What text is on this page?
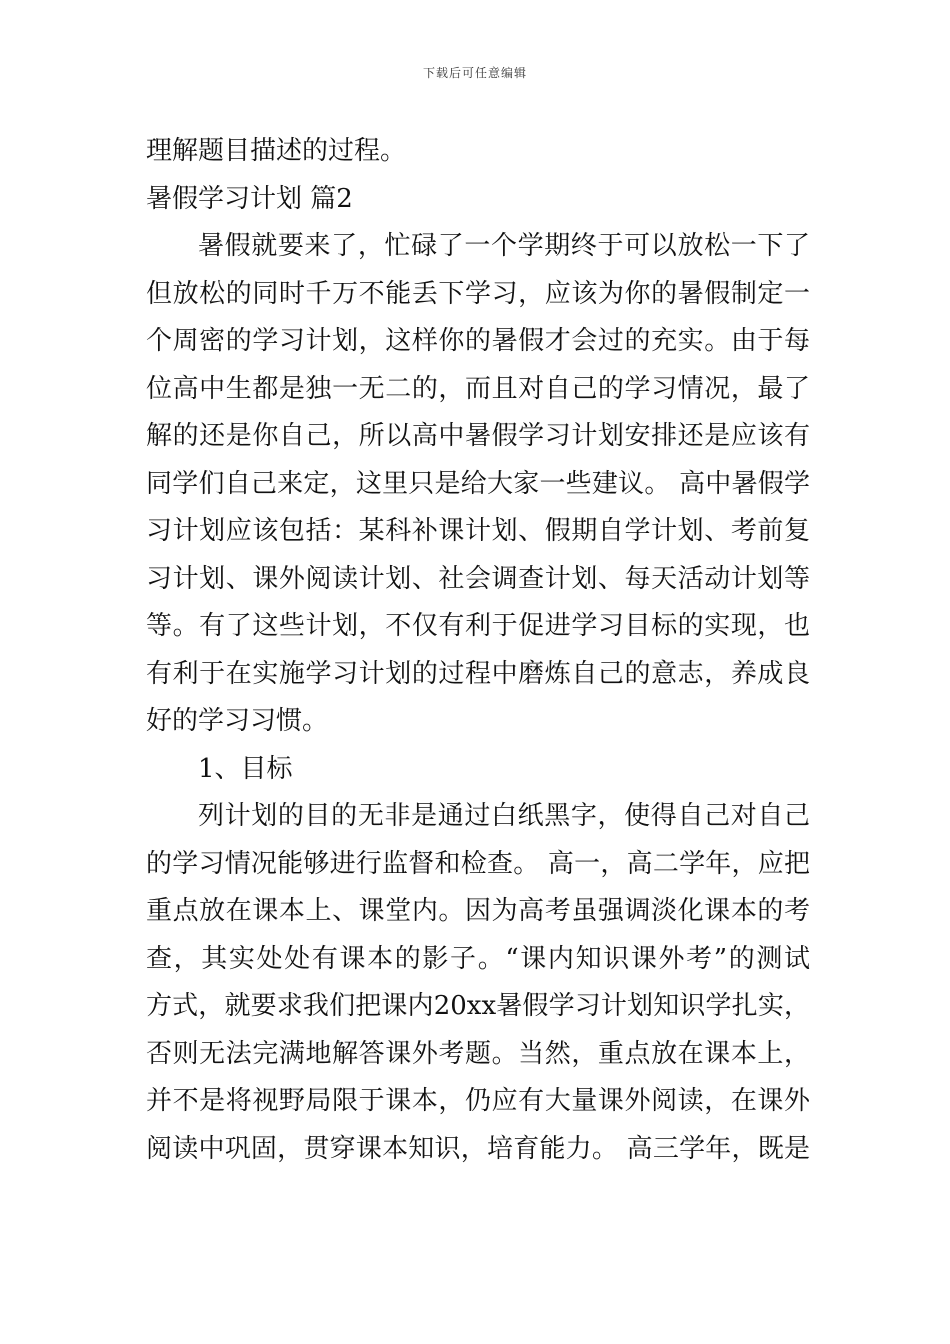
下载后可任意编辑
理解题目描述的过程。
暑假学习计划 篇2
暑假就要来了，忙碌了一个学期终于可以放松一下了
但放松的同时千万不能丢下学习，应该为你的暑假制定一
个周密的学习计划，这样你的暑假才会过的充实。由于每
位高中生都是独一无二的，而且对自己的学习情况，最了
解的还是你自己，所以高中暑假学习计划安排还是应该有
同学们自己来定，这里只是给大家一些建议。 高中暑假学
习计划应该包括：某科补课计划、假期自学计划、考前复
习计划、课外阅读计划、社会调查计划、每天活动计划等
等。有了这些计划，不仅有利于促进学习目标的实现，也
有利于在实施学习计划的过程中磨炼自己的意志，养成良
好的学习习惯。
1、目标
列计划的目的无非是通过白纸黑字，使得自己对自己
的学习情况能够进行监督和检查。 高一，高二学年，应把
重点放在课本上、课堂内。因为高考虽强调淡化课本的考
查，其实处处有课本的影子。“课内知识课外考”的测试
方式，就要求我们把课内20xx暑假学习计划知识学扎实，
否则无法完满地解答课外考题。当然，重点放在课本上，
并不是将视野局限于课本，仍应有大量课外阅读，在课外
阅读中巩固，贯穿课本知识，培育能力。 高三学年，既是
